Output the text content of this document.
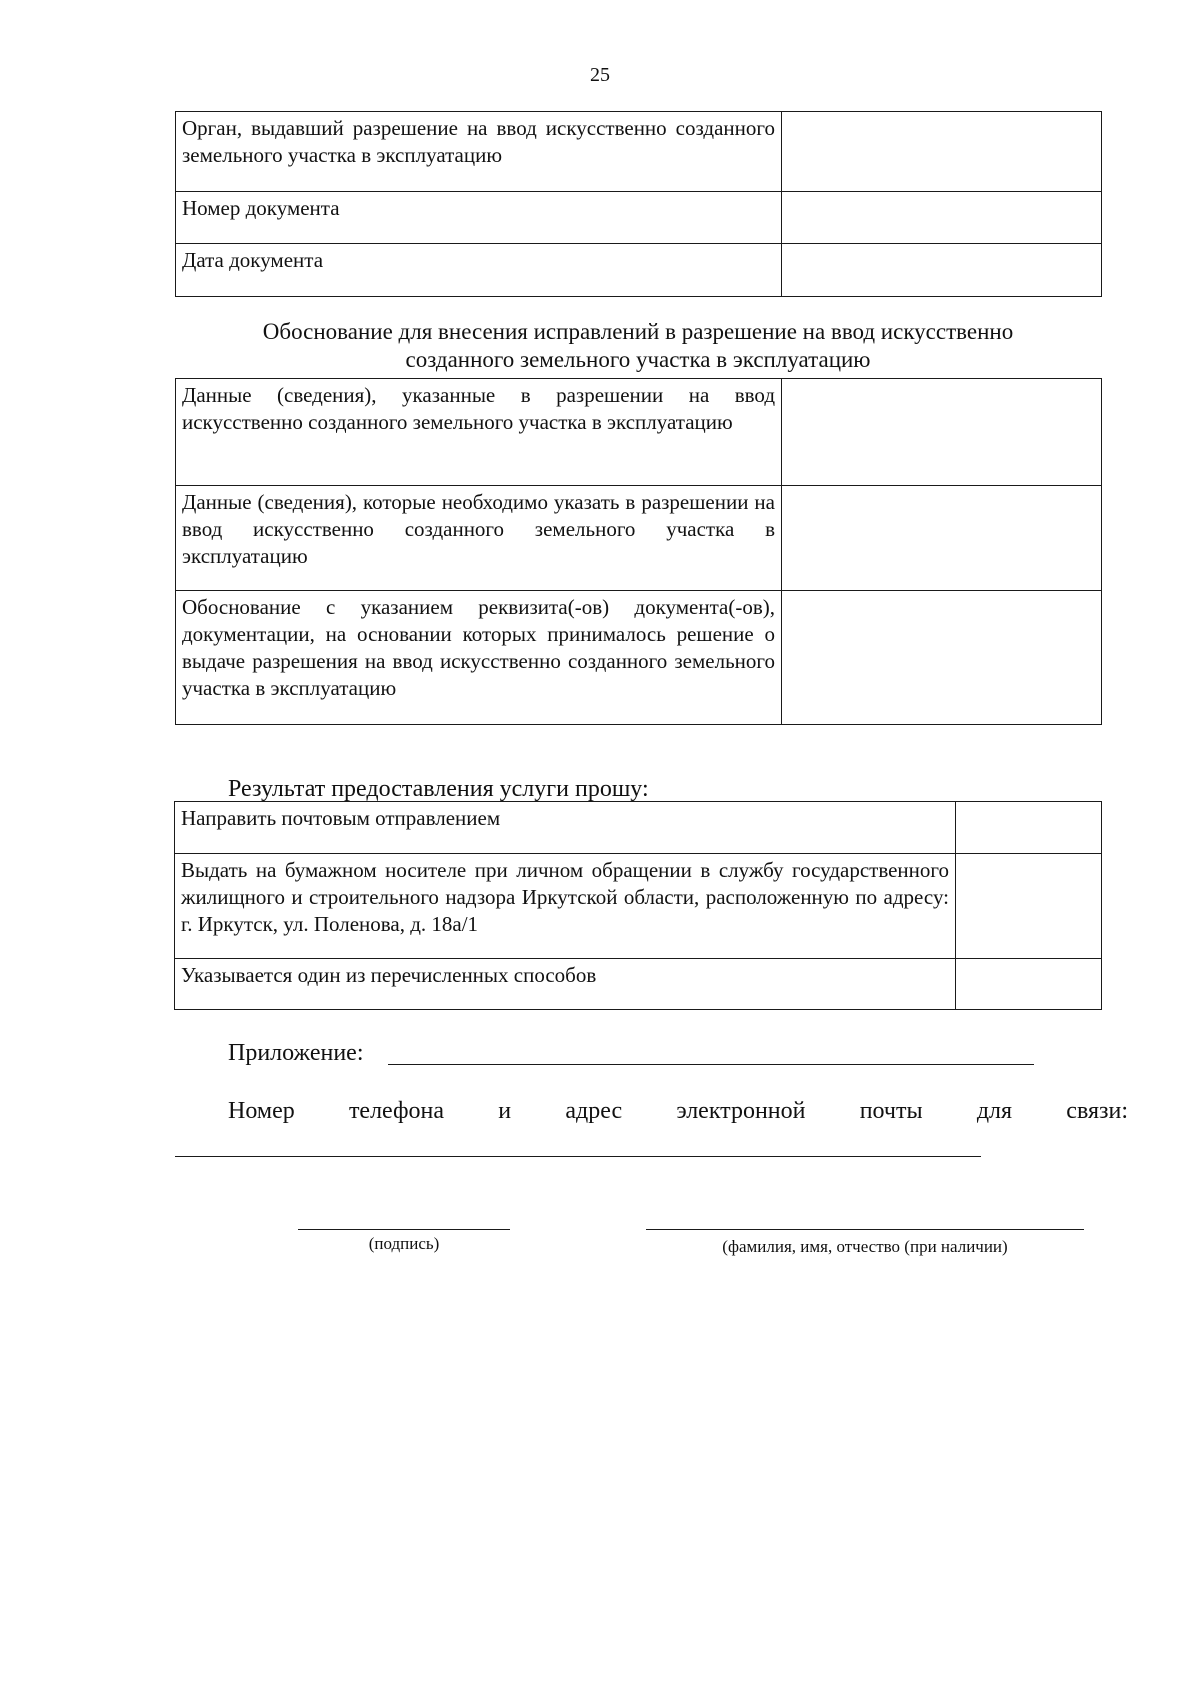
25
Орган, выдавший разрешение на ввод искусственно созданного земельного участка в эксплуатацию	
Номер документа	
Дата документа	
Обоснование для внесения исправлений в разрешение на ввод искусственно
созданного земельного участка в эксплуатацию
Данные (сведения), указанные в разрешении на ввод искусственно созданного земельного участка в эксплуатацию	
Данные (сведения), которые необходимо указать в разрешении на ввод искусственно созданного земельного участка в эксплуатацию	
Обоснование с указанием реквизита(-ов) документа(-ов), документации, на основании которых принималось решение о выдаче разрешения на ввод искусственно созданного земельного участка в эксплуатацию	
Результат предоставления услуги прошу:
Направить почтовым отправлением	
Выдать на бумажном носителе при личном обращении в службу государственного жилищного и строительного надзора Иркутской области, расположенную по адресу: г. Иркутск, ул. Поленова, д. 18а/1	
Указывается один из перечисленных способов	
Приложение:
Номер телефона и адрес электронной почты для связи:
(подпись)	(фамилия, имя, отчество (при наличии)
